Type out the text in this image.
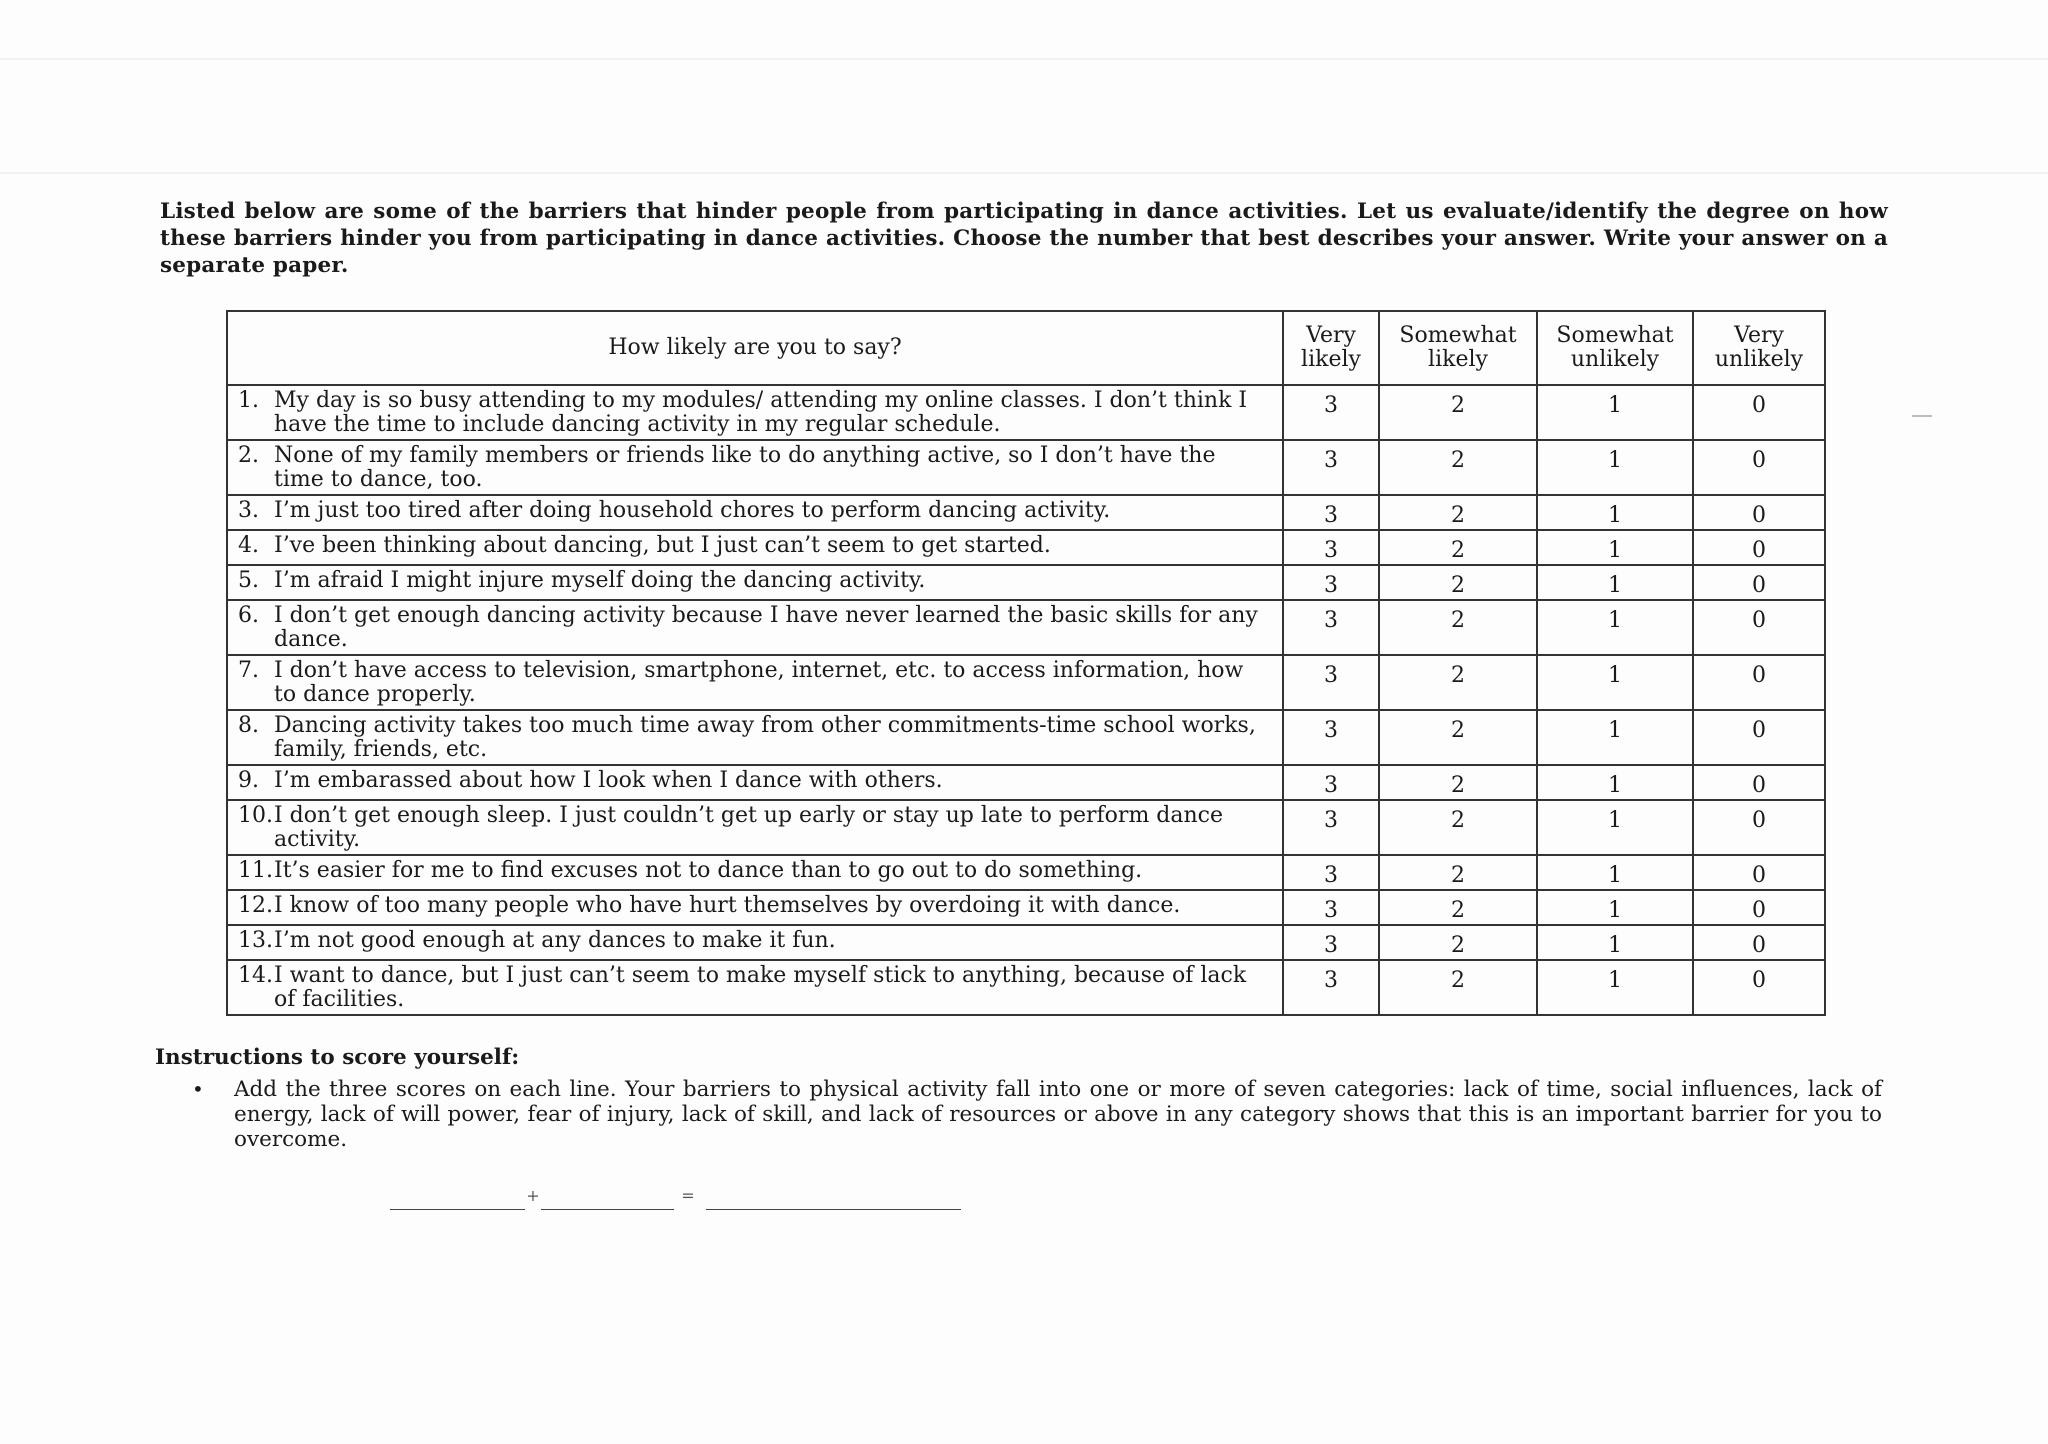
Listed below are some of the barriers that hinder people from participating in dance activities. Let us evaluate/identify the degree on how these barriers hinder you from participating in dance activities. Choose the number that best describes your answer. Write your answer on a separate paper.
How likely are you to say?	Very likely	Somewhat likely	Somewhat unlikely	Very unlikely

1. My day is so busy attending to my modules/ attending my online classes. I don’t think I have the time to include dancing activity in my regular schedule.	3	2	1	0

2. None of my family members or friends like to do anything active, so I don’t have the time to dance, too.	3	2	1	0

3. I’m just too tired after doing household chores to perform dancing activity.	3	2	1	0

4. I’ve been thinking about dancing, but I just can’t seem to get started.	3	2	1	0

5. I’m afraid I might injure myself doing the dancing activity.	3	2	1	0

6. I don’t get enough dancing activity because I have never learned the basic skills for any dance.	3	2	1	0

7. I don’t have access to television, smartphone, internet, etc. to access information, how to dance properly.	3	2	1	0

8. Dancing activity takes too much time away from other commitments-time school works, family, friends, etc.	3	2	1	0

9. I’m embarassed about how I look when I dance with others.	3	2	1	0

10. I don’t get enough sleep. I just couldn’t get up early or stay up late to perform dance activity.	3	2	1	0

11. It’s easier for me to find excuses not to dance than to go out to do something.	3	2	1	0

12. I know of too many people who have hurt themselves by overdoing it with dance.	3	2	1	0

13. I’m not good enough at any dances to make it fun.	3	2	1	0

14. I want to dance, but I just can’t seem to make myself stick to anything, because of lack of facilities.	3	2	1	0
Instructions to score yourself:
•	Add the three scores on each line. Your barriers to physical activity fall into one or more of seven categories: lack of time, social influences, lack of energy, lack of will power, fear of injury, lack of skill, and lack of resources or above in any category shows that this is an important barrier for you to overcome.
+	=
